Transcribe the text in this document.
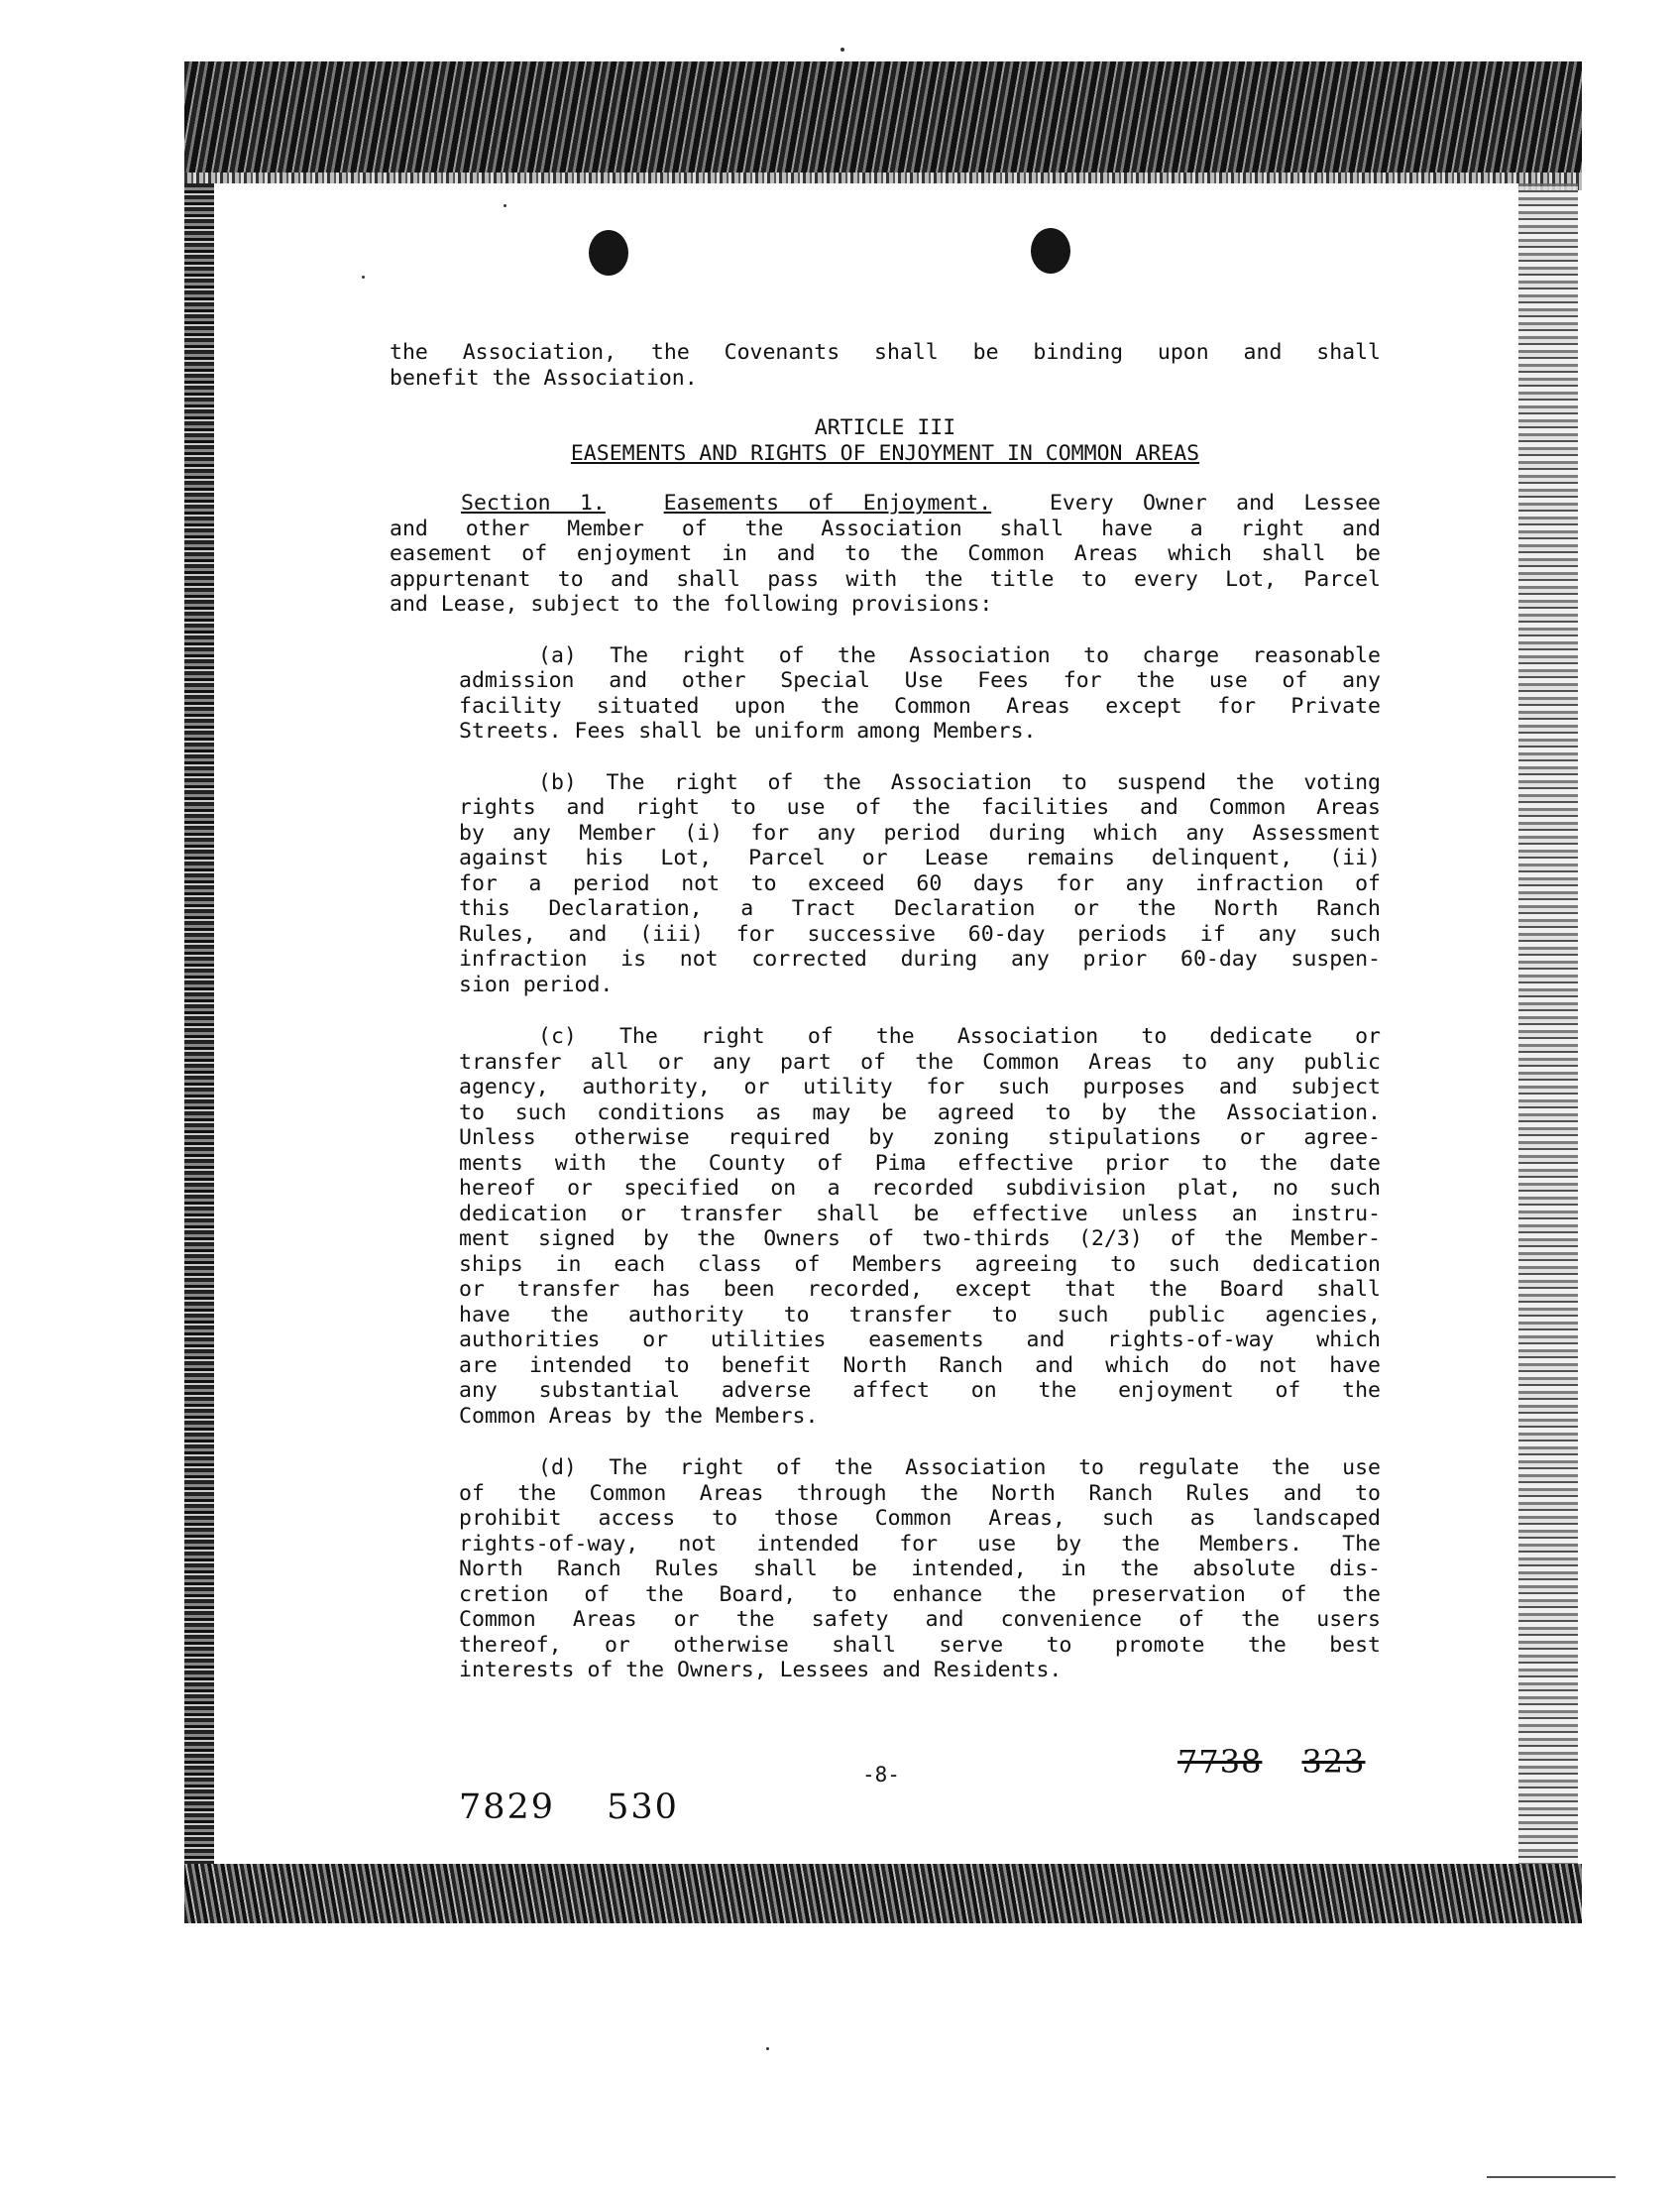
the Association, the Covenants shall be binding upon and shall
benefit the Association.
ARTICLE III
EASEMENTS AND RIGHTS OF ENJOYMENT IN COMMON AREAS
Section 1.	Easements of Enjoyment.	Every Owner and Lessee
and other Member of the Association shall have a right and
easement of enjoyment in and to the Common Areas which shall be
appurtenant to and shall pass with the title to every Lot, Parcel
and Lease, subject to the following provisions:
(a) The right of the Association to charge reasonable
admission and other Special Use Fees for the use of any
facility situated upon the Common Areas except for Private
Streets. Fees shall be uniform among Members.
(b) The right of the Association to suspend the voting
rights and right to use of the facilities and Common Areas
by any Member (i) for any period during which any Assessment
against his Lot, Parcel or Lease remains delinquent, (ii)
for a period not to exceed 60 days for any infraction of
this Declaration, a Tract Declaration or the North Ranch
Rules, and (iii) for successive 60-day periods if any such
infraction is not corrected during any prior 60-day suspen-
sion period.
(c) The right of the Association to dedicate or
transfer all or any part of the Common Areas to any public
agency, authority, or utility for such purposes and subject
to such conditions as may be agreed to by the Association.
Unless otherwise required by zoning stipulations or agree-
ments with the County of Pima effective prior to the date
hereof or specified on a recorded subdivision plat, no such
dedication or transfer shall be effective unless an instru-
ment signed by the Owners of two-thirds (2/3) of the Member-
ships in each class of Members agreeing to such dedication
or transfer has been recorded, except that the Board shall
have the authority to transfer to such public agencies,
authorities or utilities easements and rights-of-way which
are intended to benefit North Ranch and which do not have
any substantial adverse affect on the enjoyment of the
Common Areas by the Members.
(d) The right of the Association to regulate the use
of the Common Areas through the North Ranch Rules and to
prohibit access to those Common Areas, such as landscaped
rights-of-way, not intended for use by the Members. The
North Ranch Rules shall be intended, in the absolute dis-
cretion of the Board, to enhance the preservation of the
Common Areas or the safety and convenience of the users
thereof, or otherwise shall serve to promote the best
interests of the Owners, Lessees and Residents.
-8-	7738 323
7829 530
